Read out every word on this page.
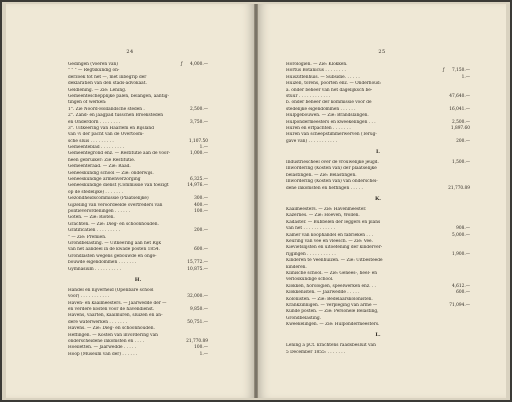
24
Gedingen (Voeren van)	ƒ	4,000.—
" " " — Regtskundig on-
derzoek tot het —, met inbegrip der
deklaratiën van den stads-advokaat.
Geldlening. — Zie: Lening.
Gemeenteschepplijke palen, belangen, aantig-
tingen of werken:
1°. Zie Noord-Hollandsche steden .	2,500.—
2°. Zand- en jaagpad tusschen Broeksteden
en Onderdorn . . . . . . . .	3,750.—
3°. Uitkeering van Haarlem en Bijsland
van ½ der pacht van de Overtoom-
sche sluis . . . . . . . . .	1,107.50
Gemeenteblad . . . . . . . . .	1.—
Gemeentegrond enz. — Restitutie aan de voor-	1,000.—
heen gebruiker: Zie Restitutie.
Gemeenteraad. — Zie: Raad.
Geneeskundig school — Zie: onderwijs.
Geneeskundige armenverzorging	6,325.—
Geneeskundige dienst (Commissie van toezigt	14,976.—
op de stedelijke) . . . . . . .
Gezondheidscommissie (Plaatselijke)	300.—
Gijzeling van veroordeelde overtreders van	400.—
politieverordeningen . . . . . .	100.—
Goten. — Zie: Rioten.
Grachten. — Zie: Dieg- en schoonhouden.
Gratificatiën . . . . . . . . .	200.—
" — Zie: Premiën.
Grondbelasting. — Uitkeering aan het Rijk
van het aandeel in de kwade posten 1854.	600.—
Grondlasten wegens gebouwde en onge-
bouwde eigendommen . . . . . . .	15,772.—
Gymnasium . . . . . . . . . .	10,875.—
H.
Handel en nijverheid (Openbare school
voor) . . . . . . . . . . .	32,000.—
Haven- en kaaimeesters. — Jaarwedde der —
en verdere kosten voor de havendienst.	9,850.—
Havens, vaarten, kaaimuren, sluizen en an-
dere waterwerken . . . . . . .	50,751.—
Havens. — Zie: Dieg- en schoonhouden.
Heffingen. — Kosten van invordering van
onderscheidene inkomsten en . . . .	21,770.89
Hoeiletten. — Jaarwedde . . . . .	100.—
Hoop (Museum van der) . . . . . .	1.—
25
Horologiën. — Zie: Klokken.
Hortus Botanicus . . . . . . . .	ƒ	7,150.—
Huiszittenhuis. — Subsidie. . . . . .	1.—
Huizen, torens, poorten enz. — Onderhoud:
a. onder beheer van het dagelijksch be-
stuur . . . . . . . . . . . .	47,640.—
b. onder beheer der kommissie voor de
stedelijke eigendommen . . . . . .	16,041.—
Hulpgebouwen. — Zie: Brandslangen.
Hulpondermeesters en kweekelingen . . .	2,500.—
Huren en erfpachten . . . . . . .	1,897.60
Huren van scheepstimmerwerven (Terug-
gave van) . . . . . . . . . . .	200.—
I.
Industriescheel over de vrouwelijke jeugd.	1,500.—
Inwordering (Kosten van) der plaatselijke
belastingen. — Zie: Belastingen.
Inwordering (Kosten van) van onderschei-
dene inkomsten en heffingen . . . . .	21,770.89
K.
Kaaimeesters. — Zie: Havenmeester.
Kazernes. — Zie: Hoeven, Wollen.
Kadaster. — Bubbelen der leggers en plans
van het . . . . . . . . . . . .	908.—
Kamer van koophandel en fabrieken . . .	5,000.—
Keuring van vee en vleesch. — Zie: Vee.
Kievietslijsten en uitoefening der kinderver-
rijgingen . . . . . . . . . . .	1,900.—
Kinderen te Veenhuizen. — Zie: Uitbesteede
kinderen.
Klinische school. — Zie: Genees-, heel- en
verloskundige school.
Klokken, horologiën, speelwerken enz. . .	4,612.—
Klokkenisten. — Jaarwedde . . . . .	600.—
Kolonisten. — Zie: Bedelaarskolonisten.
Krankzinnigen. — Verpleging van arme —	71,094.—
Kunde posten. — Zie: Personele Belasting,
Grondbelasting.
Kweekelingen. — Zie: Hulpondermeesters.
L.
Lening à pCt. krachtens raadsbesluit van
5 December 1855: . . . . . . .
